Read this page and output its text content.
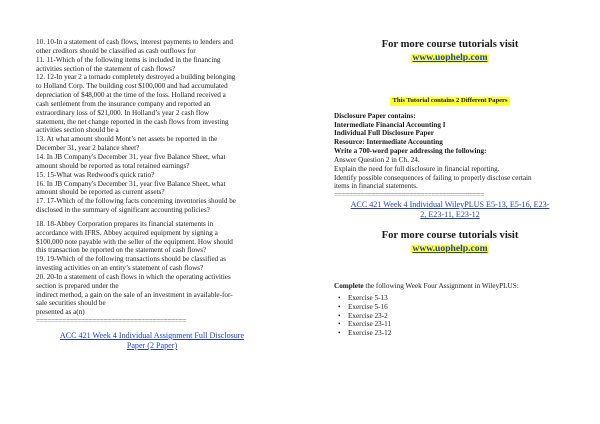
10. 10-In a statement of cash flows, interest payments to lenders and
other creditors should be classified as cash outflows for
11. 11-Which of the following items is included in the financing
activities section of the statement of cash flows?
12. 12-In year 2 a tornado completely destroyed a building belonging
to Holland Corp. The building cost $100,000 and had accumulated
depreciation of $48,000 at the time of the loss. Holland received a
cash settlement from the insurance company and reported an
extraordinary loss of $21,000. In Holland’s year 2 cash flow
statement, the net change reported in the cash flows from investing
activities section should be a
13. At what amount should Mont’s net assets be reported in the
December 31, year 2 balance sheet?
14. In JB Company's December 31, year five Balance Sheet, what
amount should be reported as total retained earnings?
15. 15-What was Redwood's quick ratio?
16. In JB Company's December 31, year five Balance Sheet, what
amount should be reported as current assets?
17. 17-Which of the following facts concerning inventories should be
disclosed in the summary of significant accounting policies?
18. 18-Abbey Corporation prepares its financial statements in
accordance with IFRS. Abbey acquired equipment by signing a
$100,000 note payable with the seller of the equipment. How should
this transaction be reported on the statement of cash flows?
19. 19-Which of the following transactions should be classified as
investing activities on an entity’s statement of cash flows?
20. 20-In a statement of cash flows in which the operating activities
section is prepared under the
indirect method, a gain on the sale of an investment in available-for-
sale securities should be
presented as a(n)
========================================
ACC 421 Week 4 Individual Assignment Full Disclosure
Paper (2 Paper)
For more course tutorials visit
www.uophelp.com
This Tutorial contains 2 Different Papers
Disclosure Paper contains:
Intermediate Financial Accounting I
Individual Full Disclosure Paper
Resource: Intermediate Accounting
Write a 700-word paper addressing the following:
Answer Question 2 in Ch. 24.
Explain the need for full disclosure in financial reporting.
Identify possible consequences of failing to properly disclose certain
items in financial statements.
========================================
ACC 421 Week 4 Individual WileyPLUS E5-13, E5-16, E23-
2, E23-11, E23-12
For more course tutorials visit
www.uophelp.com
Complete the following Week Four Assignment in WileyPLUS:
• Exercise 5-13
• Exercise 5-16
• Exercise 23-2
• Exercise 23-11
• Exercise 23-12
